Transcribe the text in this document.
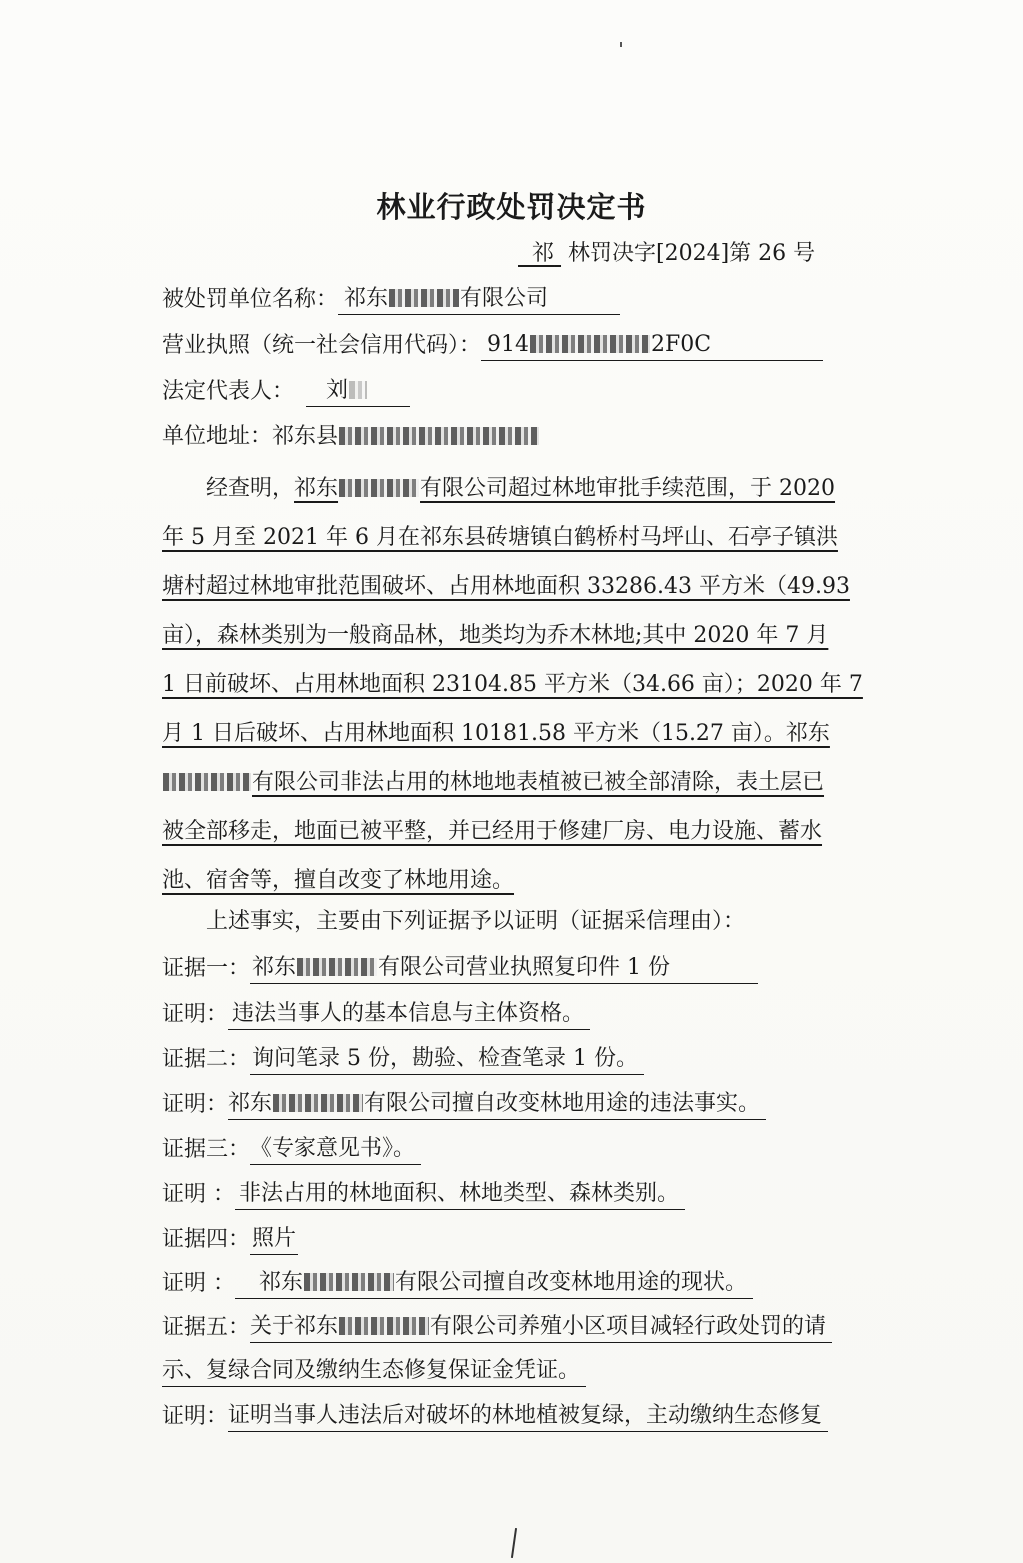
林业行政处罚决定书
祁  林罚决字[2024]第 26 号
被处罚单位名称： 祁东	有限公司
营业执照（统一社会信用代码）： 914	2F0C
法定代表人： 刘
单位地址：祁东县
经查明，祁东	有限公司超过林地审批手续范围，于 2020
年 5 月至 2021 年 6 月在祁东县砖塘镇白鹤桥村马坪山、石亭子镇洪
塘村超过林地审批范围破坏、占用林地面积 33286.43 平方米（49.93
亩），森林类别为一般商品林，地类均为乔木林地;其中 2020 年 7 月
1 日前破坏、占用林地面积 23104.85 平方米（34.66 亩）；2020 年 7
月 1 日后破坏、占用林地面积 10181.58 平方米（15.27 亩）。祁东
有限公司非法占用的林地地表植被已被全部清除，表土层已
被全部移走，地面已被平整，并已经用于修建厂房、电力设施、蓄水
池、宿舍等，擅自改变了林地用途。
上述事实，主要由下列证据予以证明（证据采信理由）：
证据一：祁东	有限公司营业执照复印件 1 份
证明： 违法当事人的基本信息与主体资格。
证据二：询问笔录 5 份，勘验、检查笔录 1 份。
证明：祁东	有限公司擅自改变林地用途的违法事实。
证据三：《专家意见书》。
证明 ： 非法占用的林地面积、林地类型、森林类别。
证据四：照片
证明 ： 祁东	有限公司擅自改变林地用途的现状。
证据五：关于祁东	有限公司养殖小区项目减轻行政处罚的请
示、复绿合同及缴纳生态修复保证金凭证。
证明：证明当事人违法后对破坏的林地植被复绿，主动缴纳生态修复
